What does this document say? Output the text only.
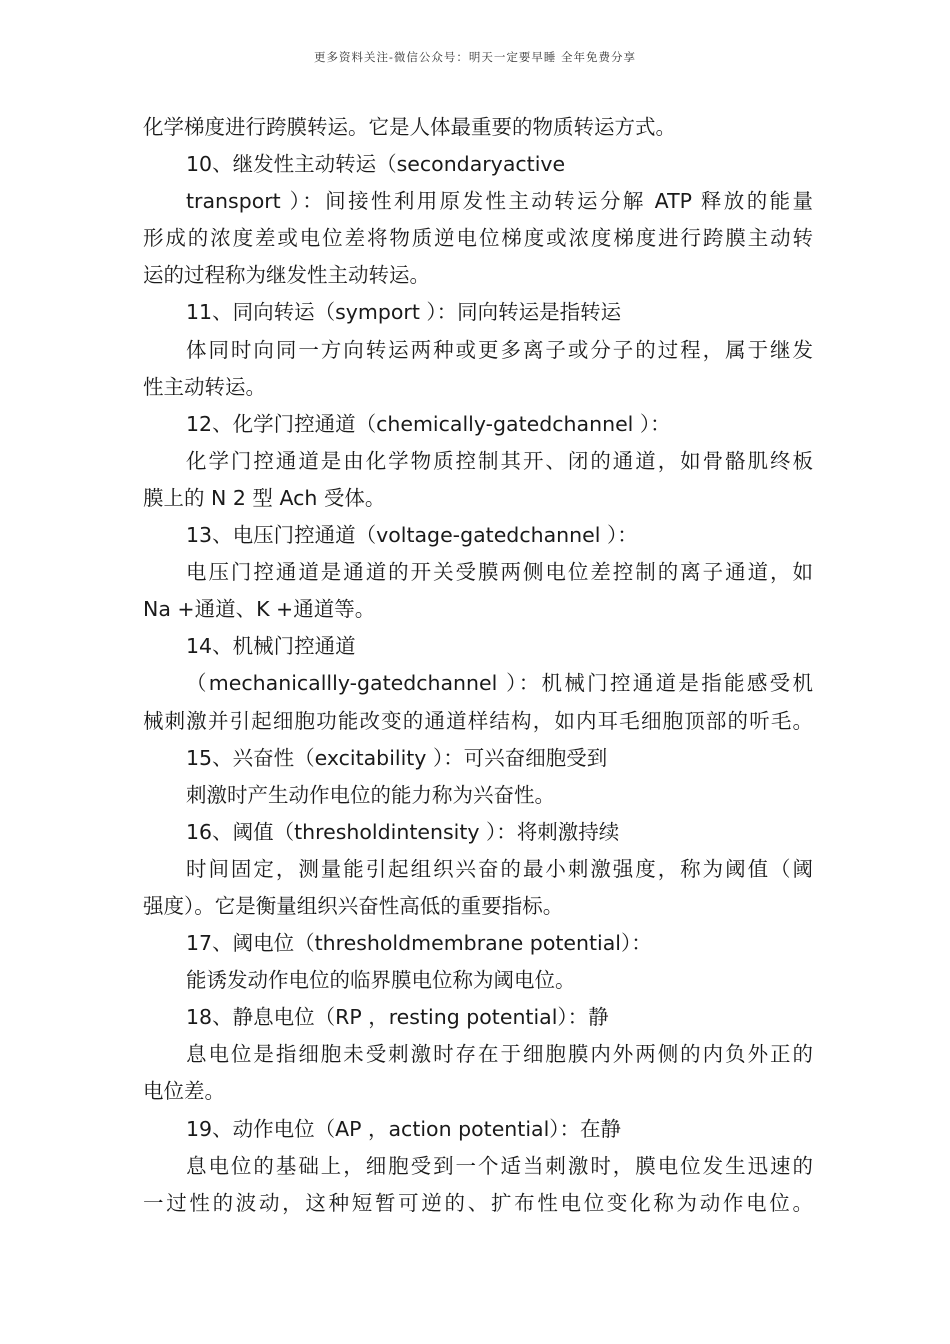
更多资料关注-微信公众号：明天一定要早睡 全年免费分享
化学梯度进行跨膜转运。它是人体最重要的物质转运方式。
10、继发性主动转运（secondaryactive
transport ）：间接性利用原发性主动转运分解 ATP 释放的能量
形成的浓度差或电位差将物质逆电位梯度或浓度梯度进行跨膜主动转
运的过程称为继发性主动转运。
11、同向转运（symport ）：同向转运是指转运
体同时向同一方向转运两种或更多离子或分子的过程，属于继发
性主动转运。
12、化学门控通道（chemically-gatedchannel ）：
化学门控通道是由化学物质控制其开、闭的通道，如骨骼肌终板
膜上的 N 2 型 Ach 受体。
13、电压门控通道（voltage-gatedchannel ）：
电压门控通道是通道的开关受膜两侧电位差控制的离子通道，如
Na +通道、K +通道等。
14、机械门控通道
（mechanicallly-gatedchannel ）：机械门控通道是指能感受机
械刺激并引起细胞功能改变的通道样结构，如内耳毛细胞顶部的听毛。
15、兴奋性（excitability ）：可兴奋细胞受到
刺激时产生动作电位的能力称为兴奋性。
16、阈值（thresholdintensity ）：将刺激持续
时间固定，测量能引起组织兴奋的最小刺激强度，称为阈值（阈
强度）。它是衡量组织兴奋性高低的重要指标。
17、阈电位（thresholdmembrane potential）：
能诱发动作电位的临界膜电位称为阈电位。
18、静息电位（RP ，resting potential）：静
息电位是指细胞未受刺激时存在于细胞膜内外两侧的内负外正的
电位差。
19、动作电位（AP ，action potential）：在静
息电位的基础上，细胞受到一个适当刺激时，膜电位发生迅速的
一过性的波动，这种短暂可逆的、扩布性电位变化称为动作电位。
